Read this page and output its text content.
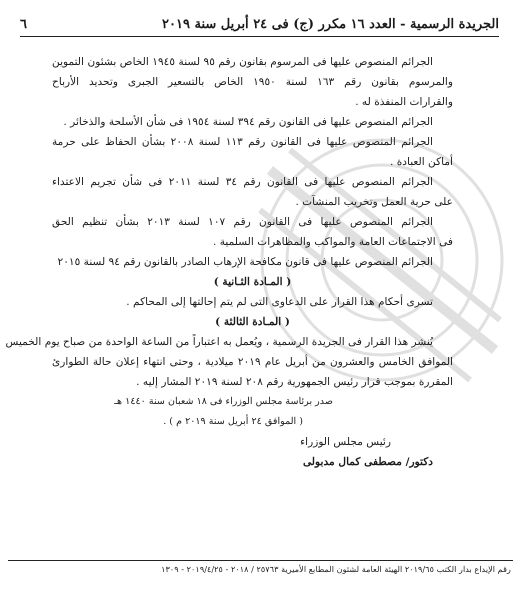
الجريدة الرسمية - العدد ١٦ مكرر (ج) فى ٢٤ أبريل سنة ٢٠١٩
٦
الجرائم المنصوص عليها فى المرسوم بقانون رقم ٩٥ لسنة ١٩٤٥ الخاص بشئون التموين
والمرسوم بقانون رقم ١٦٣ لسنة ١٩٥٠ الخاص بالتسعير الجبرى وتحديد الأرباح
والقرارات المنفذة له .
الجرائم المنصوص عليها فى القانون رقم ٣٩٤ لسنة ١٩٥٤ فى شأن الأسلحة والذخائر .
الجرائم المنصوص عليها فى القانون رقم ١١٣ لسنة ٢٠٠٨ بشأن الحفاظ على حرمة
أماكن العبادة .
الجرائم المنصوص عليها فى القانون رقم ٣٤ لسنة ٢٠١١ فى شأن تجريم الاعتداء
على حرية العمل وتخريب المنشآت .
الجرائم المنصوص عليها فى القانون رقم ١٠٧ لسنة ٢٠١٣ بشأن تنظيم الحق
فى الاجتماعات العامة والمواكب والمظاهرات السلمية .
الجرائم المنصوص عليها فى قانون مكافحة الإرهاب الصادر بالقانون رقم ٩٤ لسنة ٢٠١٥
( المـادة الثـانية )
تسرى أحكام هذا القرار على الدعاوى التى لم يتم إحالتها إلى المحاكم .
( المـادة الثالثة )
يُنشر هذا القرار فى الجريدة الرسمية ، ويُعمل به اعتباراً من الساعة الواحدة من صباح يوم الخميس
الموافق الخامس والعشرون من أبريل عام ٢٠١٩ ميلادية ، وحتى انتهاء إعلان حالة الطوارئ
المقررة بموجب قرار رئيس الجمهورية رقم ٢٠٨ لسنة ٢٠١٩ المشار إليه .
صدر برئاسة مجلس الوزراء فى ١٨ شعبان سنة ١٤٤٠ هـ
( الموافق ٢٤ أبريل سنة ٢٠١٩ م ) .
رئيس مجلس الوزراء
دكتور/ مصطفى كمال مدبولى
رقم الإيداع بدار الكتب ٢٠١٩/٦٥ الهيئة العامة لشئون المطابع الأميرية ٢٥٧٦٣ / ٢٠١٨ - ٢٠١٩/٤/٢٥ - ١٣٠٩
